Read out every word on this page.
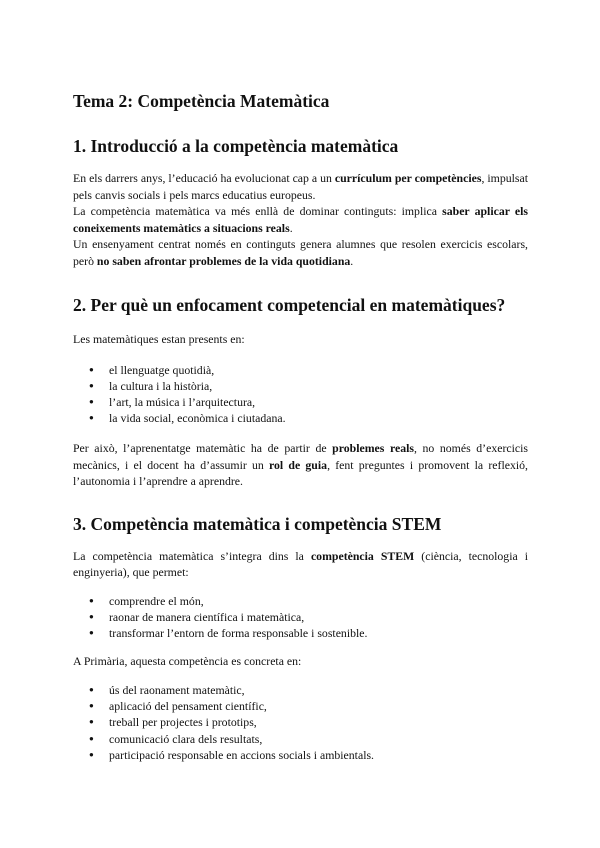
Tema 2: Competència Matemàtica
1. Introducció a la competència matemàtica

En els darrers anys, l’educació ha evolucionat cap a un currículum per competències, impulsat pels canvis socials i pels marcs educatius europeus.
La competència matemàtica va més enllà de dominar continguts: implica saber aplicar els coneixements matemàtics a situacions reals.
Un ensenyament centrat només en continguts genera alumnes que resolen exercicis escolars, però no saben afrontar problemes de la vida quotidiana.

2. Per què un enfocament competencial en matemàtiques?

Les matemàtiques estan presents en:

● el llenguatge quotidià,
● la cultura i la història,
● l’art, la música i l’arquitectura,
● la vida social, econòmica i ciutadana.

Per això, l’aprenentatge matemàtic ha de partir de problemes reals, no només d’exercicis mecànics, i el docent ha d’assumir un rol de guia, fent preguntes i promovent la reflexió, l’autonomia i l’aprendre a aprendre.

3. Competència matemàtica i competència STEM

La competència matemàtica s’integra dins la competència STEM (ciència, tecnologia i enginyeria), que permet:

● comprendre el món,
● raonar de manera científica i matemàtica,
● transformar l’entorn de forma responsable i sostenible.

A Primària, aquesta competència es concreta en:

● ús del raonament matemàtic,
● aplicació del pensament científic,
● treball per projectes i prototips,
● comunicació clara dels resultats,
● participació responsable en accions socials i ambientals.
